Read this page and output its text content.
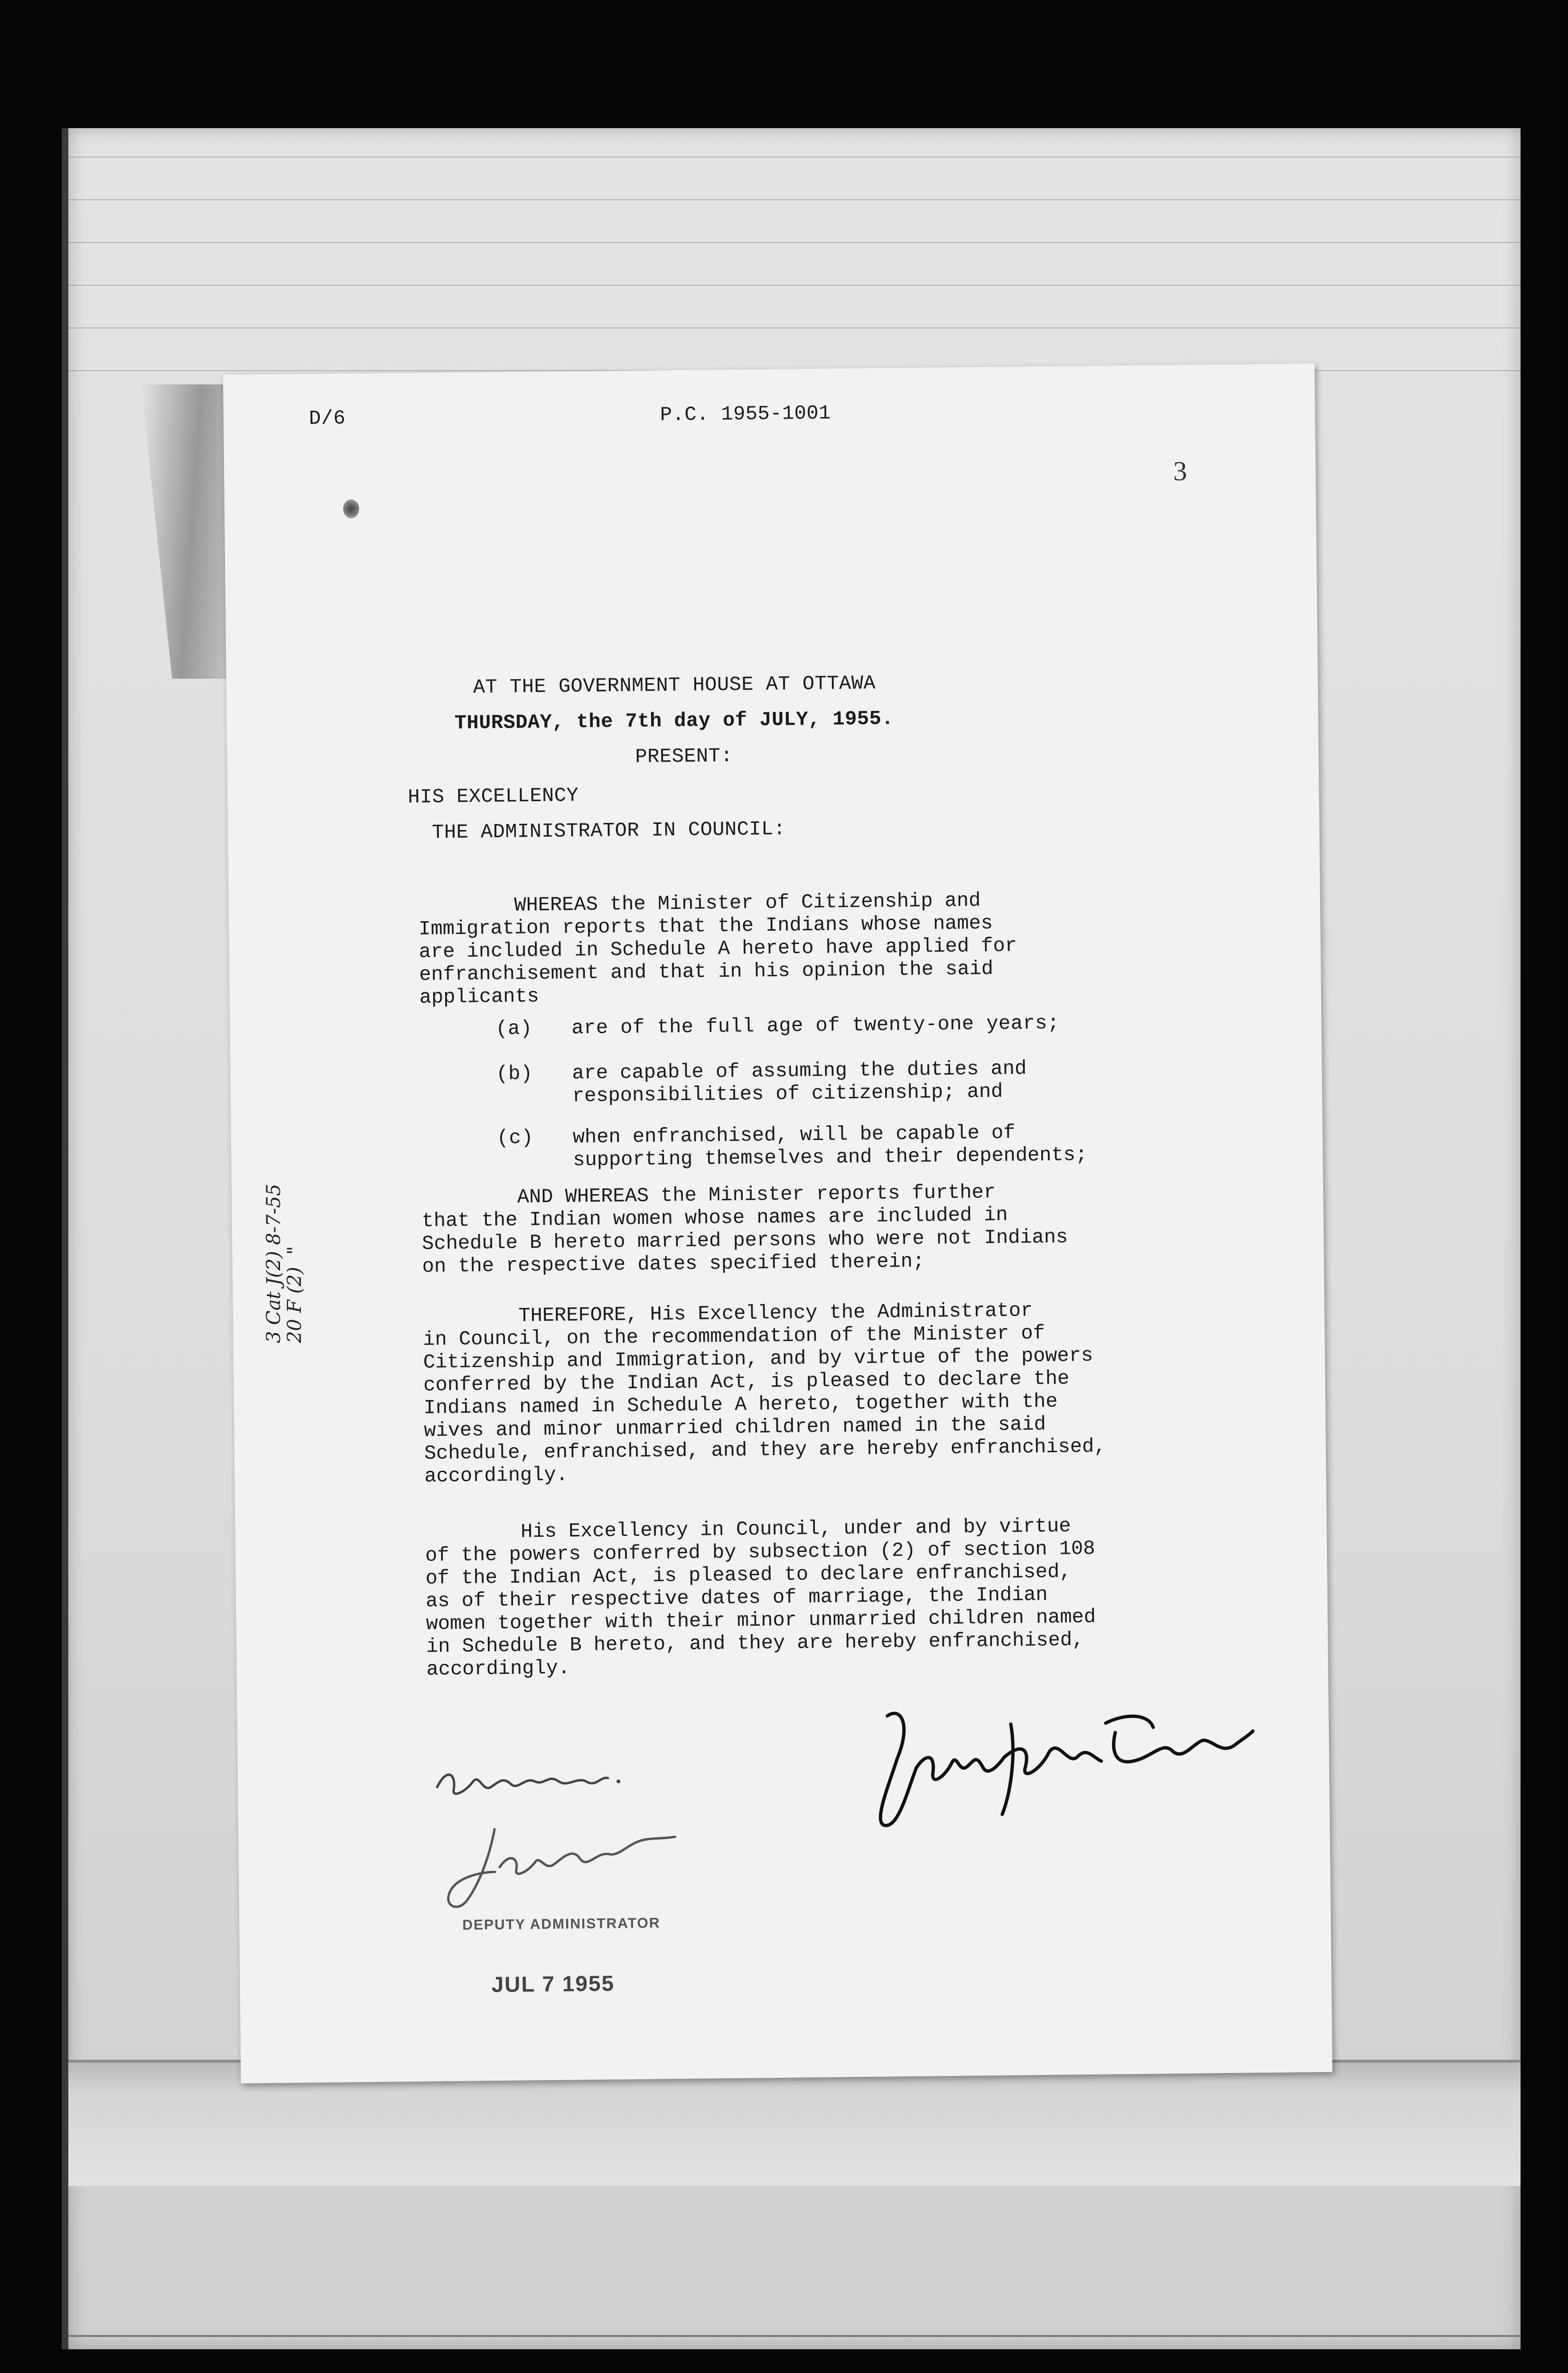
D/6	P.C. 1955-1001
3
AT THE GOVERNMENT HOUSE AT OTTAWA
THURSDAY, the 7th day of JULY, 1955.
PRESENT:
HIS EXCELLENCY
THE ADMINISTRATOR IN COUNCIL:
WHEREAS the Minister of Citizenship and
Immigration reports that the Indians whose names
are included in Schedule A hereto have applied for
enfranchisement and that in his opinion the said
applicants
(a) are of the full age of twenty-one years;
(b) are capable of assuming the duties and
responsibilities of citizenship; and
(c) when enfranchised, will be capable of
supporting themselves and their dependents;
AND WHEREAS the Minister reports further
that the Indian women whose names are included in
Schedule B hereto married persons who were not Indians
on the respective dates specified therein;
THEREFORE, His Excellency the Administrator
in Council, on the recommendation of the Minister of
Citizenship and Immigration, and by virtue of the powers
conferred by the Indian Act, is pleased to declare the
Indians named in Schedule A hereto, together with the
wives and minor unmarried children named in the said
Schedule, enfranchised, and they are hereby enfranchised,
accordingly.
His Excellency in Council, under and by virtue
of the powers conferred by subsection (2) of section 108
of the Indian Act, is pleased to declare enfranchised,
as of their respective dates of marriage, the Indian
women together with their minor unmarried children named
in Schedule B hereto, and they are hereby enfranchised,
accordingly.
DEPUTY ADMINISTRATOR
JUL 7 1955
3 Cat J(2) 8-7-55
20 F (2)  "
